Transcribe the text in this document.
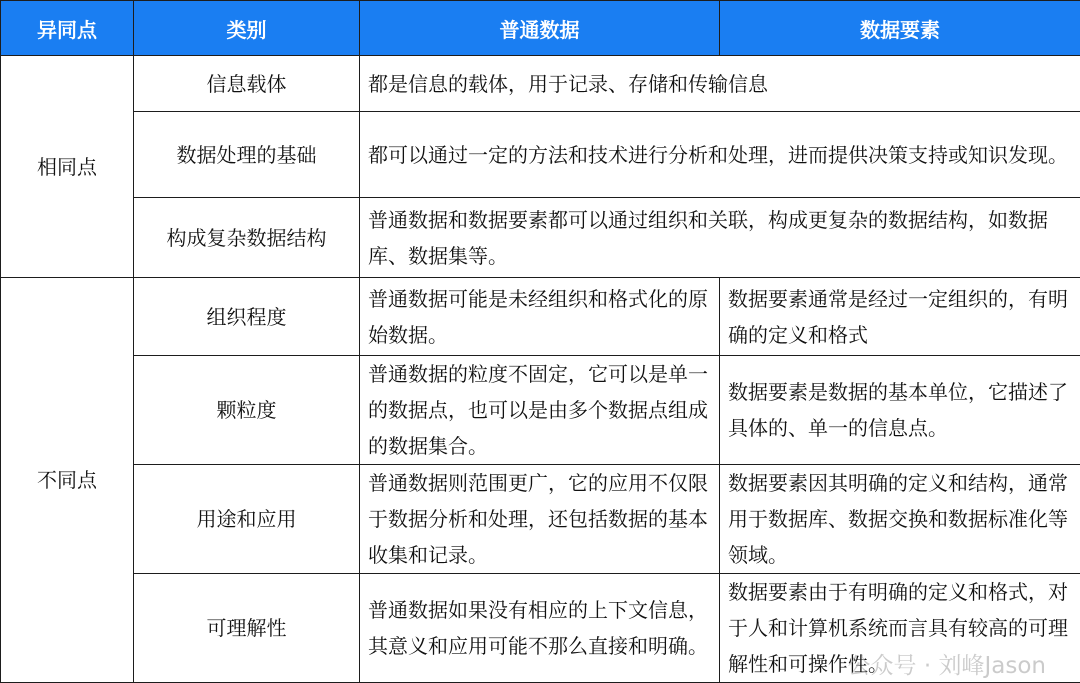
异同点	类别	普通数据	数据要素
相同点	信息载体	都是信息的载体，用于记录、存储和传输信息	
	数据处理的基础	都可以通过一定的方法和技术进行分析和处理，进而提供决策支持或知识发现。	
	构成复杂数据结构	普通数据和数据要素都可以通过组织和关联，构成更复杂的数据结构，如数据库、数据集等。	
不同点	组织程度	普通数据可能是未经组织和格式化的原始数据。	数据要素通常是经过一定组织的，有明确的定义和格式
	颗粒度	普通数据的粒度不固定，它可以是单一的数据点，也可以是由多个数据点组成的数据集合。	数据要素是数据的基本单位，它描述了具体的、单一的信息点。
	用途和应用	普通数据则范围更广，它的应用不仅限于数据分析和处理，还包括数据的基本收集和记录。	数据要素因其明确的定义和结构，通常用于数据库、数据交换和数据标准化等领域。
	可理解性	普通数据如果没有相应的上下文信息，其意义和应用可能不那么直接和明确。	数据要素由于有明确的定义和格式，对于人和计算机系统而言具有较高的可理解性和可操作性。
公众号 · 刘峰Jason
